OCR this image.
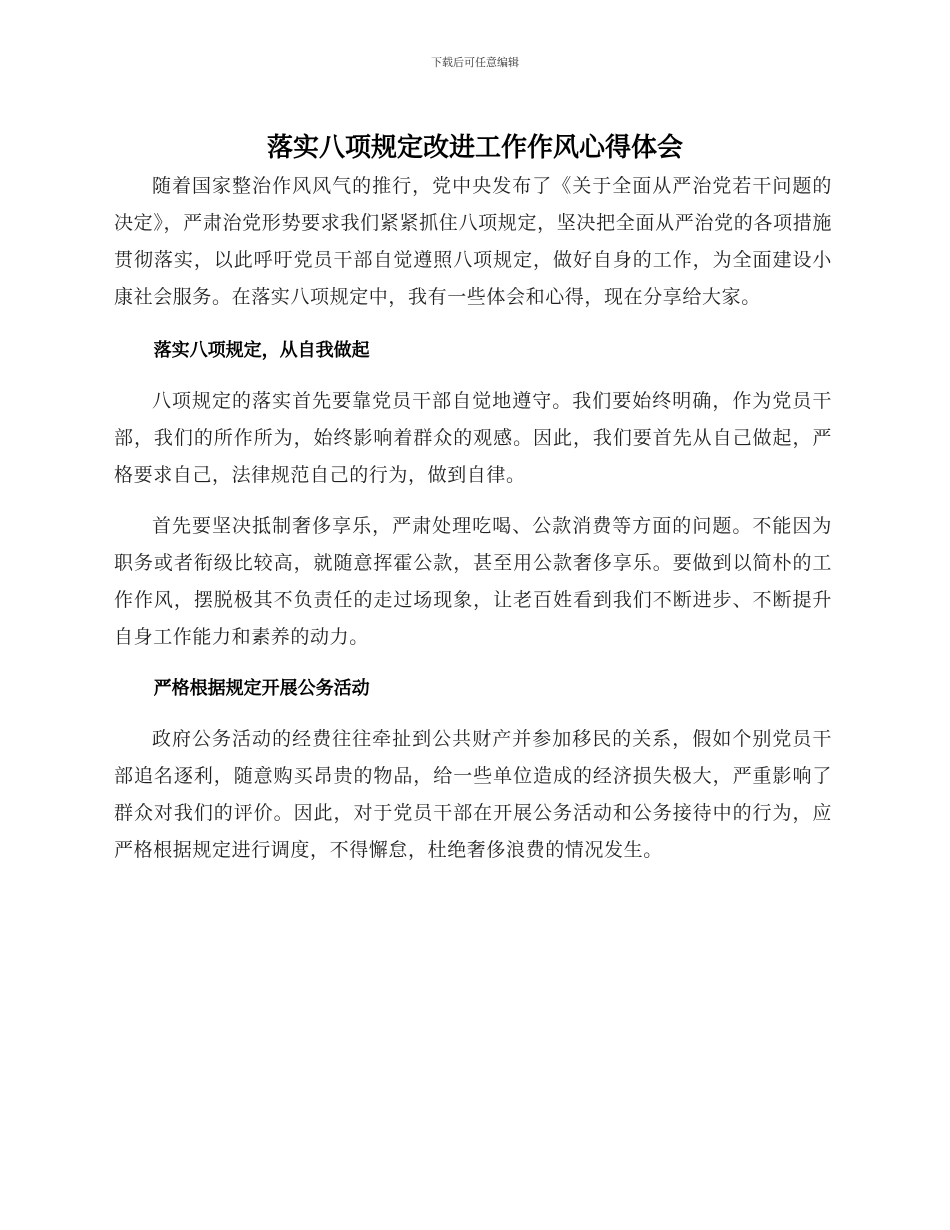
下载后可任意编辑
落实八项规定改进工作作风心得体会

随着国家整治作风风气的推行，党中央发布了《关于全面从严治党若干问题的决定》，严肃治党形势要求我们紧紧抓住八项规定，坚决把全面从严治党的各项措施贯彻落实，以此呼吁党员干部自觉遵照八项规定，做好自身的工作，为全面建设小康社会服务。在落实八项规定中，我有一些体会和心得，现在分享给大家。

落实八项规定，从自我做起

八项规定的落实首先要靠党员干部自觉地遵守。我们要始终明确，作为党员干部，我们的所作所为，始终影响着群众的观感。因此，我们要首先从自己做起，严格要求自己，法律规范自己的行为，做到自律。

首先要坚决抵制奢侈享乐，严肃处理吃喝、公款消费等方面的问题。不能因为职务或者衔级比较高，就随意挥霍公款，甚至用公款奢侈享乐。要做到以简朴的工作作风，摆脱极其不负责任的走过场现象，让老百姓看到我们不断进步、不断提升自身工作能力和素养的动力。

严格根据规定开展公务活动

政府公务活动的经费往往牵扯到公共财产并参加移民的关系，假如个别党员干部追名逐利，随意购买昂贵的物品，给一些单位造成的经济损失极大，严重影响了群众对我们的评价。因此，对于党员干部在开展公务活动和公务接待中的行为，应严格根据规定进行调度，不得懈怠，杜绝奢侈浪费的情况发生。
